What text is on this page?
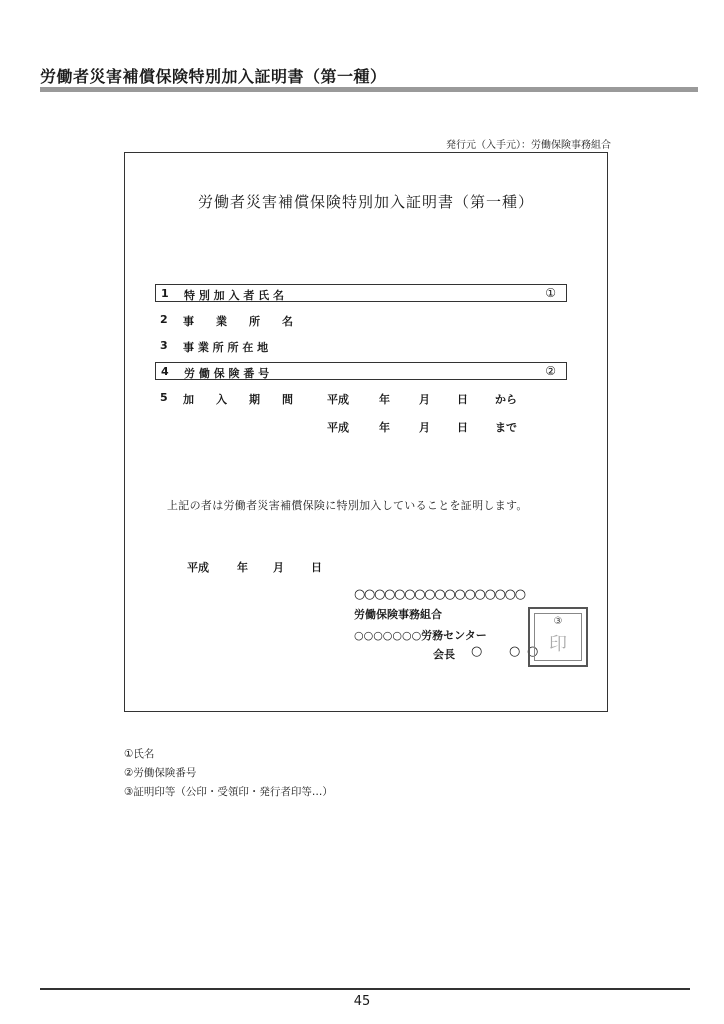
労働者災害補償保険特別加入証明書（第一種）
発行元（入手元）：労働保険事務組合
労働者災害補償保険特別加入証明書（第一種）
1 特 別 加 入 者 氏 名	①
2 事　　業　　所　　名
3 事 業 所 所 在 地
4 労 働 保 険 番 号	②
5 加　　入　　期　　間	平成	年	月 日 から
平成	年	月 日 まで
上記の者は労働者災害補償保険に特別加入していることを証明します。
平成	年 月 日
○○○○○○○○○○○○○○○○○
労働保険事務組合
○○○○○○○労務センター
会長 ○ ○ ○
③
印
①氏名
②労働保険番号
③証明印等（公印・受領印・発行者印等…）
45
